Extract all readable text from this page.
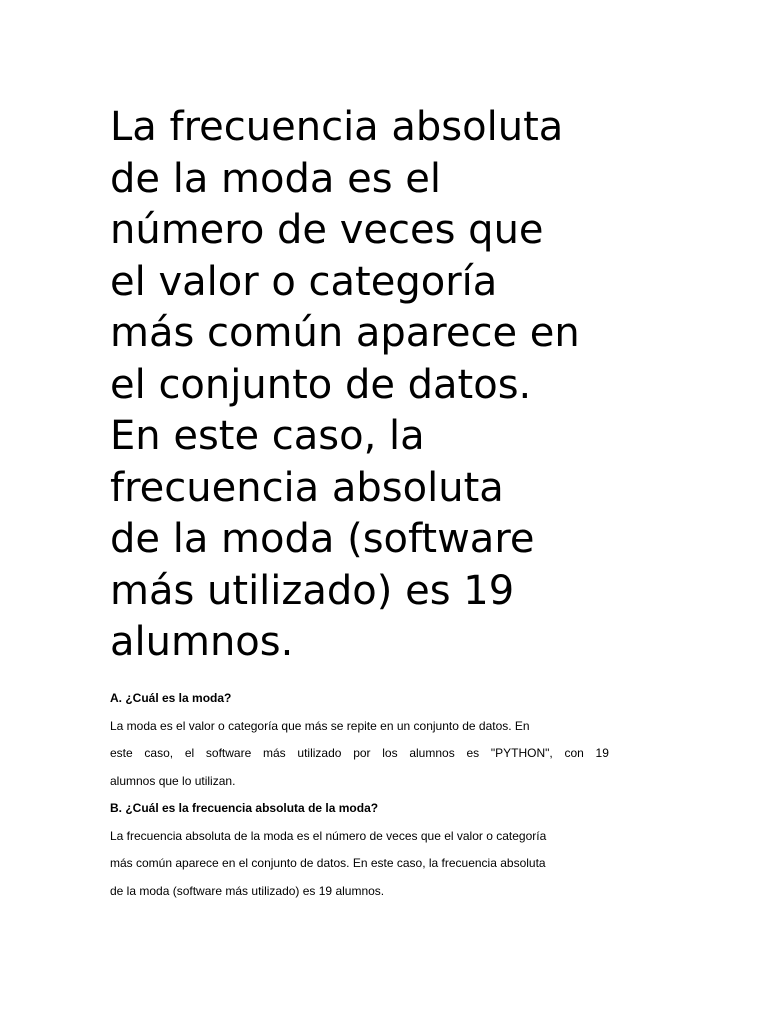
La frecuencia absoluta

de la moda es el

número de veces que

el valor o categoría

más común aparece en

el conjunto de datos.

En este caso, la

frecuencia absoluta

de la moda (software

más utilizado) es 19

alumnos.

A. ¿Cuál es la moda?
La moda es el valor o categoría que más se repite en un conjunto de datos. En
este caso, el software más utilizado por los alumnos es "PYTHON", con 19
alumnos que lo utilizan.
B. ¿Cuál es la frecuencia absoluta de la moda?
La frecuencia absoluta de la moda es el número de veces que el valor o categoría
más común aparece en el conjunto de datos. En este caso, la frecuencia absoluta
de la moda (software más utilizado) es 19 alumnos.
